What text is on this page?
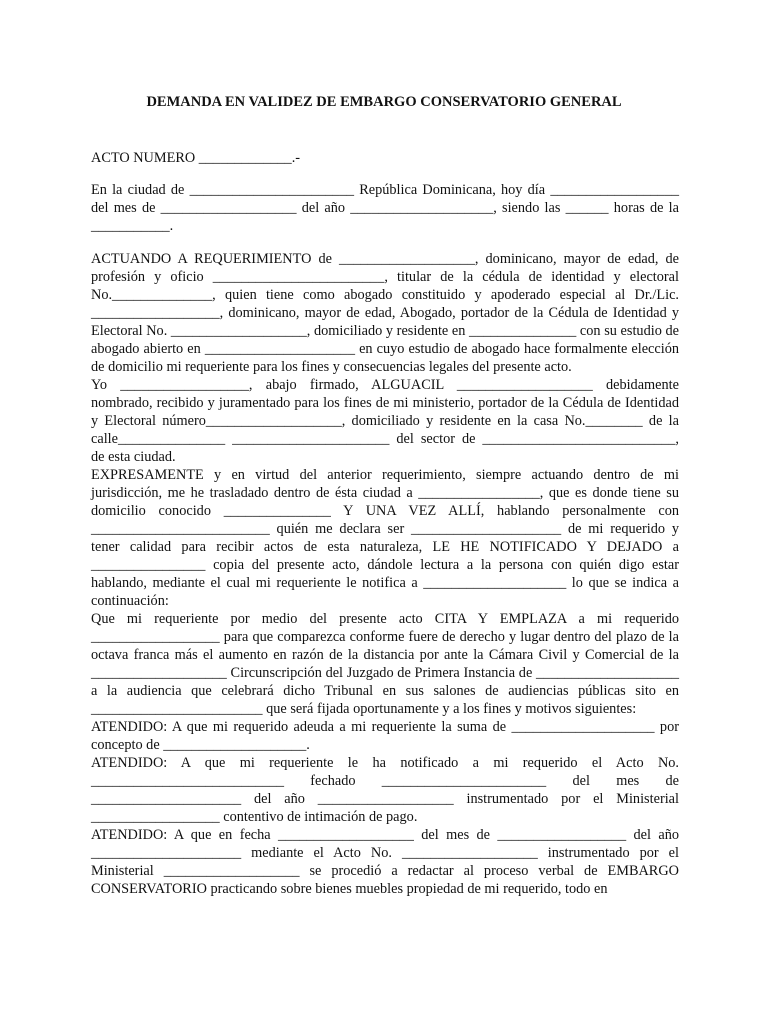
DEMANDA EN VALIDEZ DE EMBARGO CONSERVATORIO GENERAL
ACTO NUMERO _____________.-

En la ciudad de _______________________ República Dominicana, hoy día __________________ del mes de ___________________ del año ____________________, siendo las ______ horas de la ___________.

ACTUANDO A REQUERIMIENTO de ___________________, dominicano, mayor de edad, de profesión y oficio ________________________, titular de la cédula de identidad y electoral No.______________, quien tiene como abogado constituido y apoderado especial al Dr./Lic. __________________, dominicano, mayor de edad, Abogado, portador de la Cédula de Identidad y Electoral No. ___________________, domiciliado y residente en _______________ con su estudio de abogado abierto en _____________________ en cuyo estudio de abogado hace formalmente elección de domicilio mi requeriente para los fines y consecuencias legales del presente acto.

Yo __________________, abajo firmado, ALGUACIL ___________________ debidamente nombrado, recibido y juramentado para los fines de mi ministerio, portador de la Cédula de Identidad y Electoral número___________________, domiciliado y residente en la casa No.________ de la calle_______________ ______________________ del sector de ___________________________, de esta ciudad.

EXPRESAMENTE y en virtud del anterior requerimiento, siempre actuando dentro de mi jurisdicción, me he trasladado dentro de ésta ciudad a _________________, que es donde tiene su domicilio conocido _______________ Y UNA VEZ ALLÍ, hablando personalmente con _________________________ quién me declara ser _____________________ de mi requerido y tener calidad para recibir actos de esta naturaleza, LE HE NOTIFICADO Y DEJADO a ________________ copia del presente acto, dándole lectura a la persona con quién digo estar hablando, mediante el cual mi requeriente le notifica a ____________________ lo que se indica a continuación:

Que mi requeriente por medio del presente acto CITA Y EMPLAZA a mi requerido __________________ para que comparezca conforme fuere de derecho y lugar dentro del plazo de la octava franca más el aumento en razón de la distancia por ante la Cámara Civil y Comercial de la ___________________ Circunscripción del Juzgado de Primera Instancia de ____________________ a la audiencia que celebrará dicho Tribunal en sus salones de audiencias públicas sito en ________________________ que será fijada oportunamente y a los fines y motivos siguientes:

ATENDIDO: A que mi requerido adeuda a mi requeriente la suma de ____________________ por concepto de ____________________.

ATENDIDO: A que mi requeriente le ha notificado a mi requerido el Acto No. ___________________________ fechado _______________________ del mes de _____________________ del año ___________________ instrumentado por el Ministerial __________________ contentivo de intimación de pago.

ATENDIDO: A que en fecha ___________________ del mes de __________________ del año _____________________ mediante el Acto No. ___________________ instrumentado por el Ministerial ___________________ se procedió a redactar al proceso verbal de EMBARGO CONSERVATORIO practicando sobre bienes muebles propiedad de mi requerido, todo en
